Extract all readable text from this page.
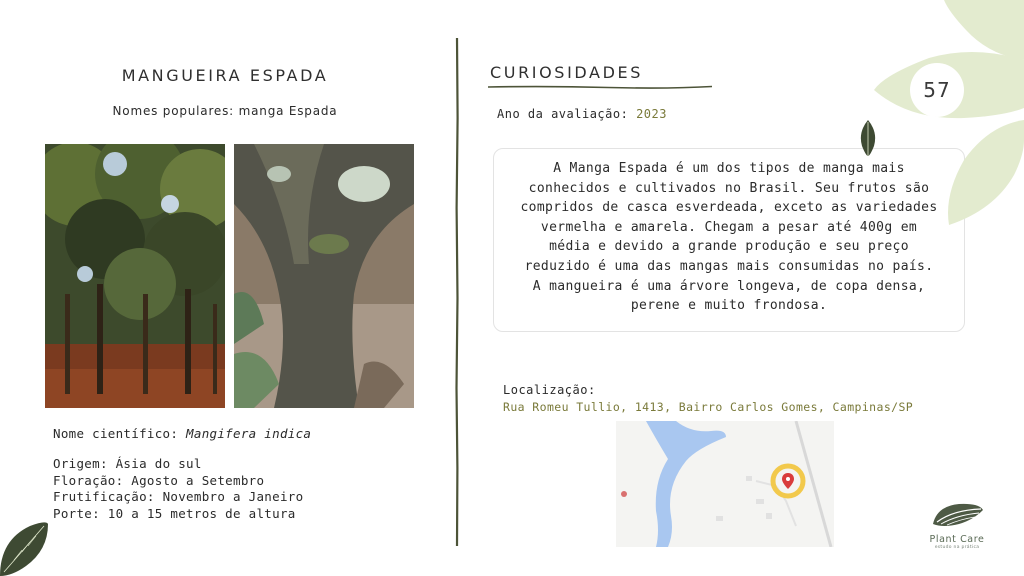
MANGUEIRA ESPADA
Nomes populares: manga Espada
Nome científico: Mangifera indica
Origem: Ásia do sul
Floração: Agosto a Setembro
Frutificação: Novembro a Janeiro
Porte: 10 a 15 metros de altura
CURIOSIDADES
Ano da avaliação: 2023
A Manga Espada é um dos tipos de manga mais
conhecidos e cultivados no Brasil. Seu frutos são
compridos de casca esverdeada, exceto as variedades
vermelha e amarela. Chegam a pesar até 400g em
média e devido a grande produção e seu preço
reduzido é uma das mangas mais consumidas no país.
A mangueira é uma árvore longeva, de copa densa,
perene e muito frondosa.
Localização:
Rua Romeu Tullio, 1413, Bairro Carlos Gomes, Campinas/SP
57
Plant Care
estudo na prática
